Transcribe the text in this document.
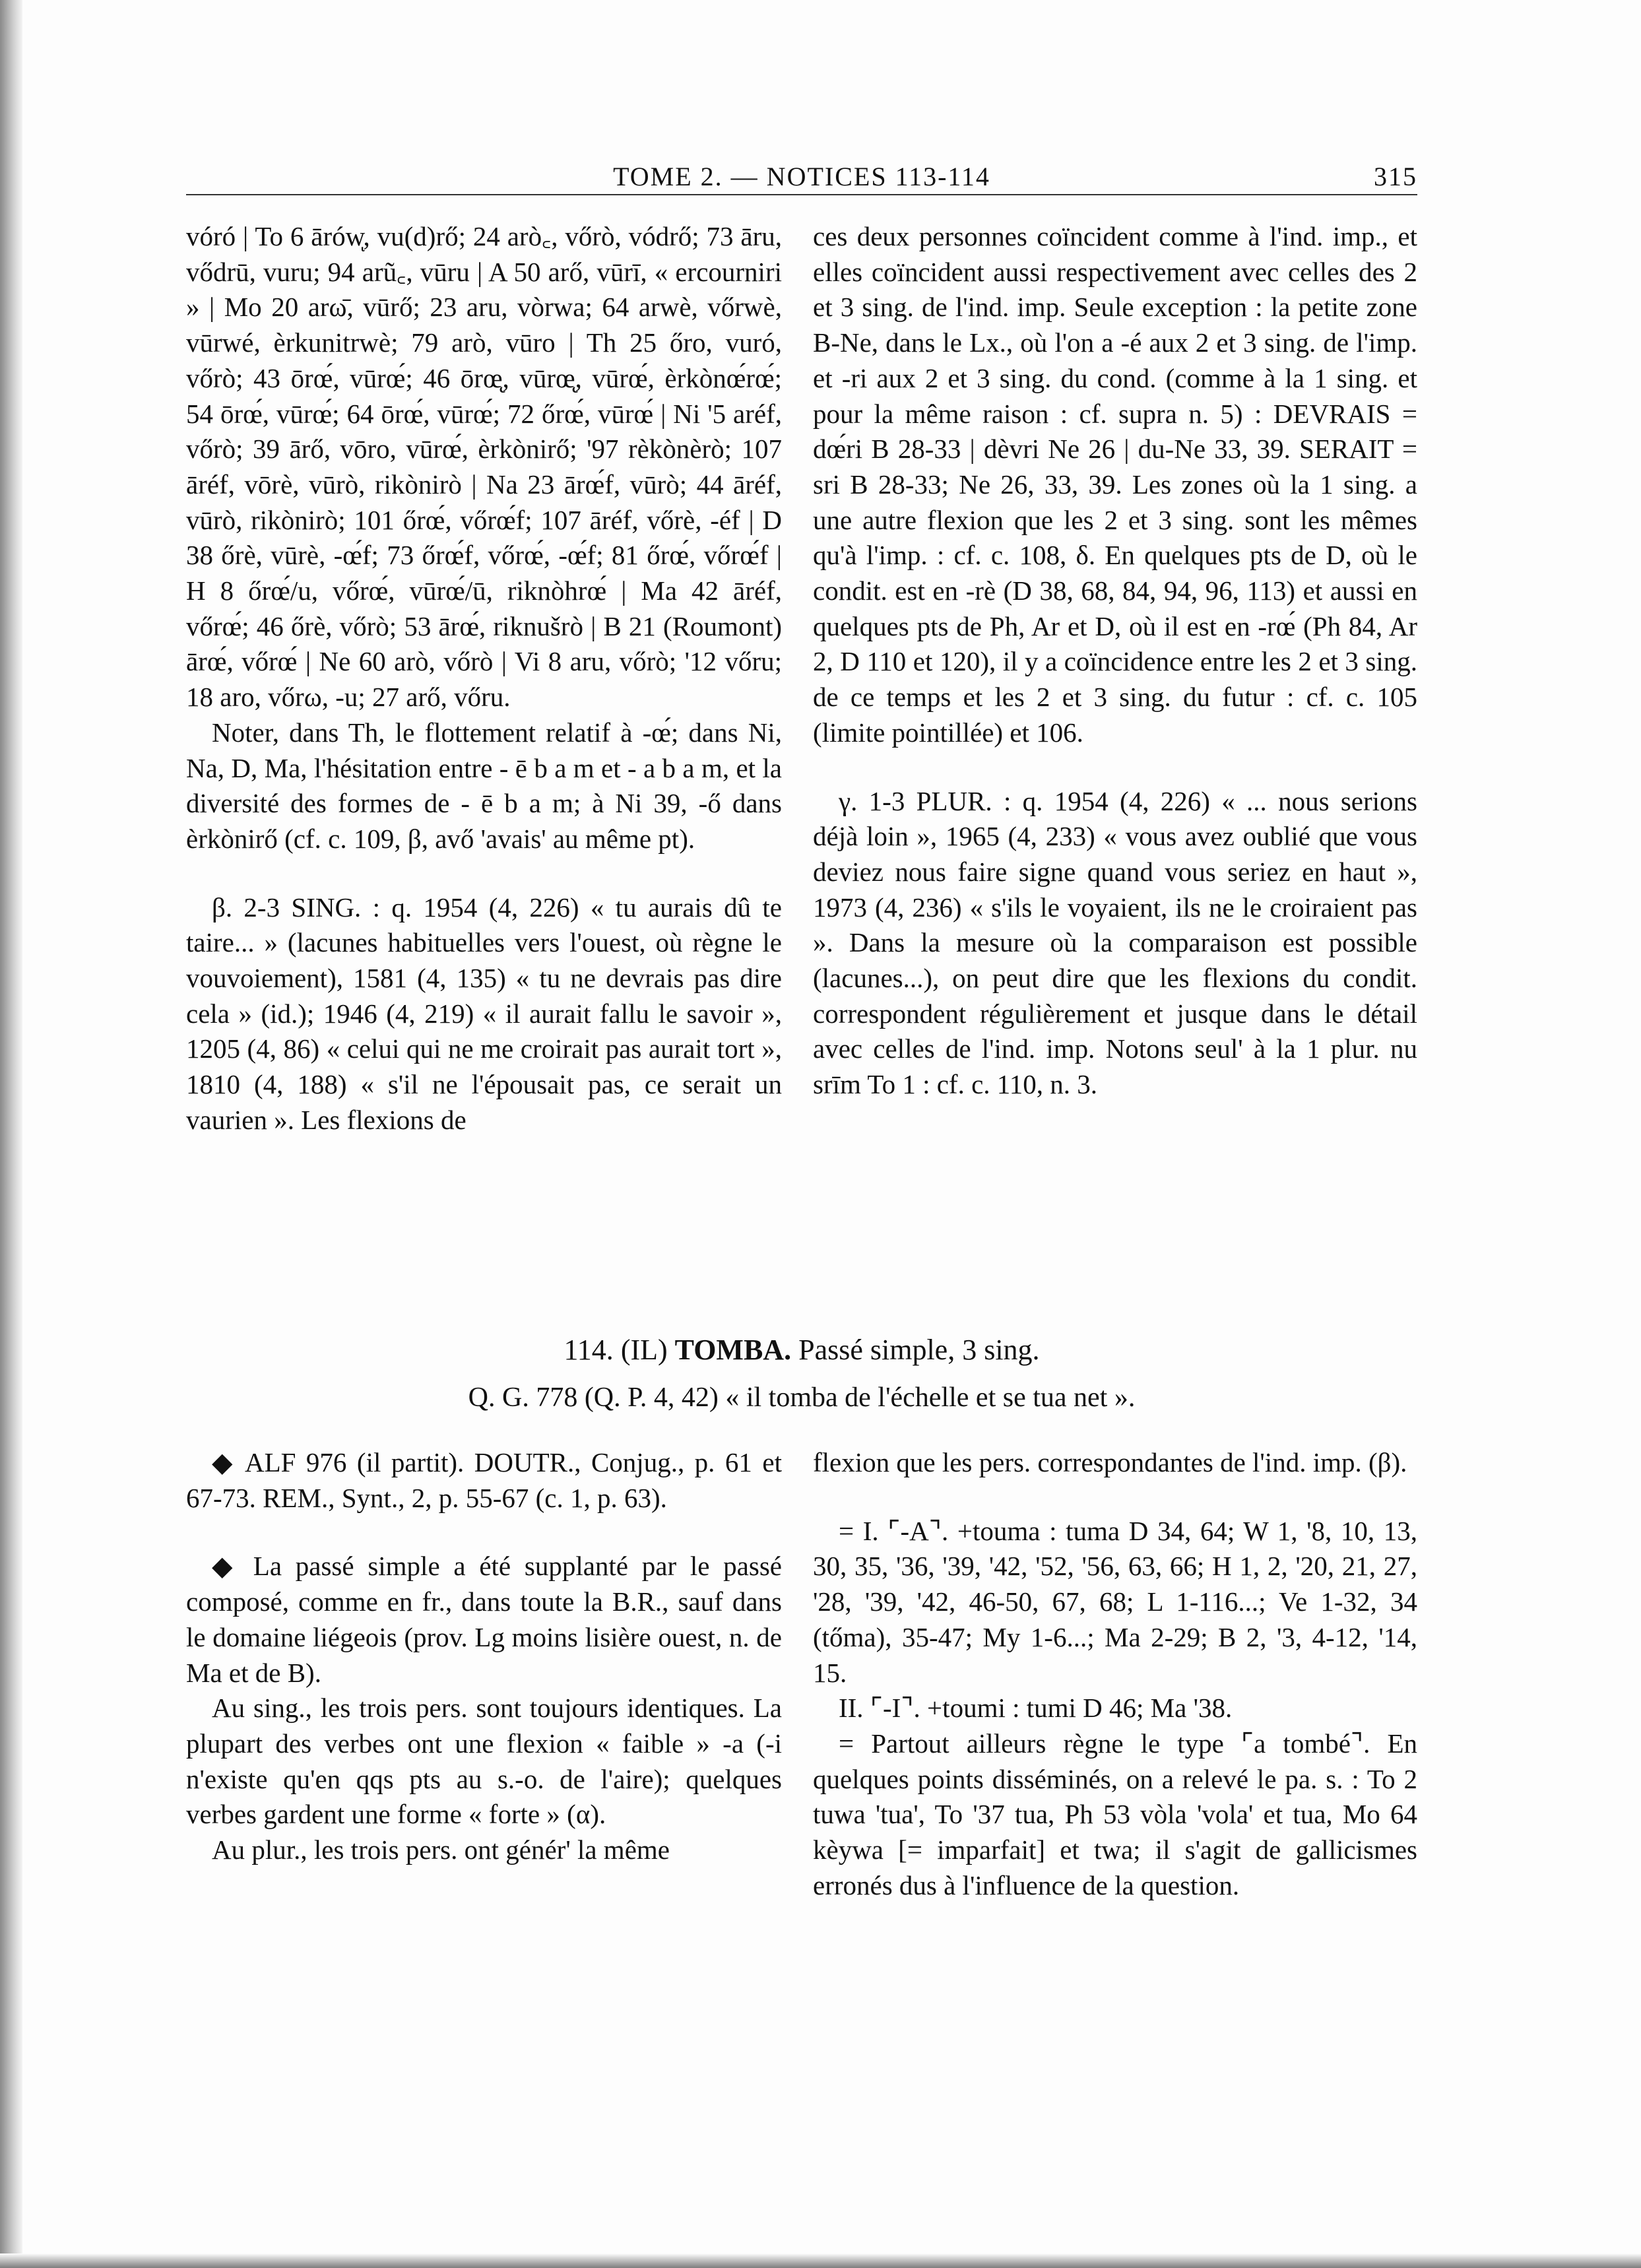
TOME 2. — NOTICES 113-114	315

vóró | To 6 ārówͅ, vu(d)rő; 24 arò꜀, vőrò, vódrő; 73 āru, vődrū, vuru; 94 arũ꜀, vūru | A 50 arő, vūrī, « ercourniri » | Mo 20 arω̄, vūrő; 23 aru, vòrwa; 64 arwè, vőrwè, vūrwé, èrkunitrwè; 79 arò, vūro | Th 25 őro, vuró, vőrò; 43 ōrœ́, vūrœ́; 46 ōrœ̨, vūrœ̨, vūrœ́, èrkònœ́rœ́; 54 ōrœ́, vūrœ́; 64 ōrœ́, vūrœ́; 72 őrœ́, vūrœ́ | Ni '5 aréf, vőrò; 39 ārő, vōro, vūrœ́, èrkònirő; '97 rèkònèrò; 107 āréf, vōrè, vūrò, rikònirò | Na 23 ārœ́f, vūrò; 44 āréf, vūrò, rikònirò; 101 őrœ́, vőrœ́f; 107 āréf, vőrè, -éf | D 38 őrè, vūrè, -œ́f; 73 őrœ́f, vőrœ́, -œ́f; 81 őrœ́, vőrœ́f | H 8 őrœ́/u, vőrœ́, vūrœ́/ū, riknòhrœ́ | Ma 42 āréf, vőrœ́; 46 őrè, vőrò; 53 ārœ́, riknušrò | B 21 (Roumont) ārœ́, vőrœ́ | Ne 60 arò, vőrò | Vi 8 aru, vőrò; '12 vőru; 18 aro, vőrω, -u; 27 arő, vőru.

Noter, dans Th, le flottement relatif à -œ́; dans Ni, Na, D, Ma, l'hésitation entre - ē b a m et - a b a m, et la diversité des formes de - ē b a m; à Ni 39, -ő dans èrkònirő (cf. c. 109, β, avő 'avais' au même pt).

β. 2-3 SING. : q. 1954 (4, 226) « tu aurais dû te taire... » (lacunes habituelles vers l'ouest, où règne le vouvoiement), 1581 (4, 135) « tu ne devrais pas dire cela » (id.); 1946 (4, 219) « il aurait fallu le savoir », 1205 (4, 86) « celui qui ne me croirait pas aurait tort », 1810 (4, 188) « s'il ne l'épousait pas, ce serait un vaurien ». Les flexions de

ces deux personnes coïncident comme à l'ind. imp., et elles coïncident aussi respectivement avec celles des 2 et 3 sing. de l'ind. imp. Seule exception : la petite zone B-Ne, dans le Lx., où l'on a -é aux 2 et 3 sing. de l'imp. et -ri aux 2 et 3 sing. du cond. (comme à la 1 sing. et pour la même raison : cf. supra n. 5) : DEVRAIS = dœ́ri B 28-33 | dèvri Ne 26 | du-Ne 33, 39. SERAIT = sri B 28-33; Ne 26, 33, 39. Les zones où la 1 sing. a une autre flexion que les 2 et 3 sing. sont les mêmes qu'à l'imp. : cf. c. 108, δ. En quelques pts de D, où le condit. est en -rè (D 38, 68, 84, 94, 96, 113) et aussi en quelques pts de Ph, Ar et D, où il est en -rœ́ (Ph 84, Ar 2, D 110 et 120), il y a coïncidence entre les 2 et 3 sing. de ce temps et les 2 et 3 sing. du futur : cf. c. 105 (limite pointillée) et 106.

γ. 1-3 PLUR. : q. 1954 (4, 226) « ... nous serions déjà loin », 1965 (4, 233) « vous avez oublié que vous deviez nous faire signe quand vous seriez en haut », 1973 (4, 236) « s'ils le voyaient, ils ne le croiraient pas ». Dans la mesure où la comparaison est possible (lacunes...), on peut dire que les flexions du condit. correspondent régulièrement et jusque dans le détail avec celles de l'ind. imp. Notons seul' à la 1 plur. nu srīm To 1 : cf. c. 110, n. 3.

114. (IL) TOMBA. Passé simple, 3 sing.
Q. G. 778 (Q. P. 4, 42) « il tomba de l'échelle et se tua net ».

◆ ALF 976 (il partit). DOUTR., Conjug., p. 61 et 67-73. REM., Synt., 2, p. 55-67 (c. 1, p. 63).

◆ La passé simple a été supplanté par le passé composé, comme en fr., dans toute la B.R., sauf dans le domaine liégeois (prov. Lg moins lisière ouest, n. de Ma et de B).

Au sing., les trois pers. sont toujours identiques. La plupart des verbes ont une flexion « faible » -a (-i n'existe qu'en qqs pts au s.-o. de l'aire); quelques verbes gardent une forme « forte » (α).

Au plur., les trois pers. ont génér' la même

flexion que les pers. correspondantes de l'ind. imp. (β).

= I. ⌜-A⌝. +touma : tuma D 34, 64; W 1, '8, 10, 13, 30, 35, '36, '39, '42, '52, '56, 63, 66; H 1, 2, '20, 21, 27, '28, '39, '42, 46-50, 67, 68; L 1-116...; Ve 1-32, 34 (tőma), 35-47; My 1-6...; Ma 2-29; B 2, '3, 4-12, '14, 15.

II. ⌜-I⌝. +toumi : tumi D 46; Ma '38.

= Partout ailleurs règne le type ⌜a tombé⌝. En quelques points disséminés, on a relevé le pa. s. : To 2 tuwa 'tua', To '37 tua, Ph 53 vòla 'vola' et tua, Mo 64 kèywa [= imparfait] et twa; il s'agit de gallicismes erronés dus à l'influence de la question.
